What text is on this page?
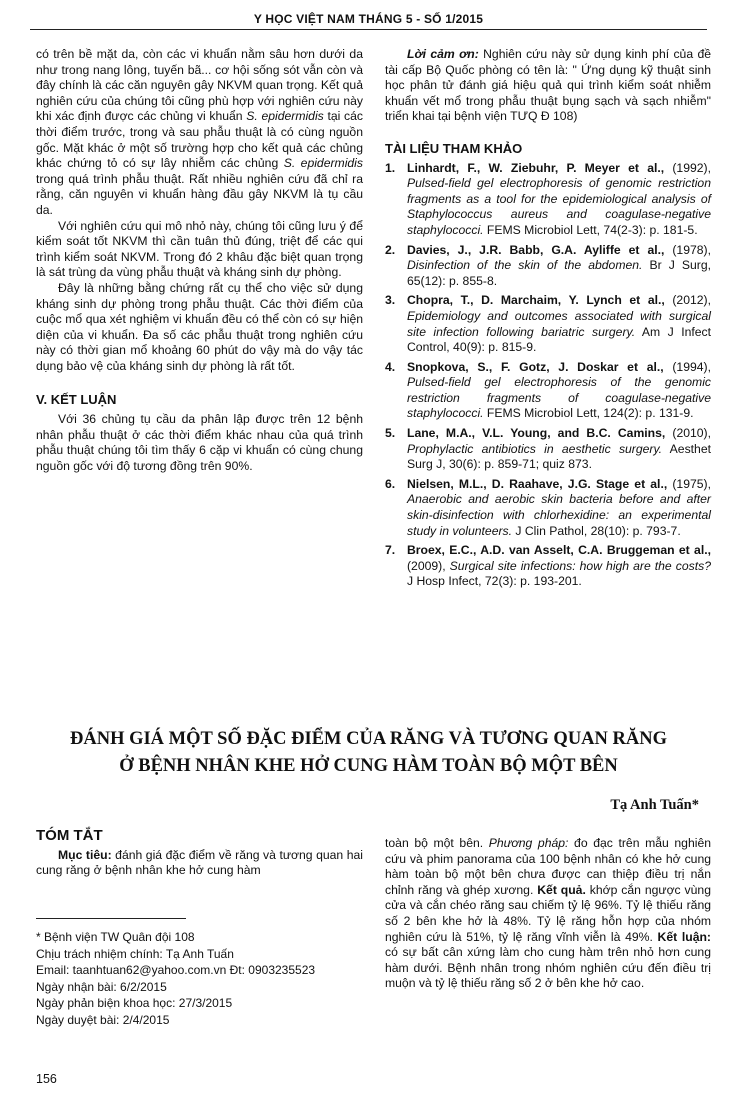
Y HỌC VIỆT NAM THÁNG 5 - SỐ 1/2015

có trên bề mặt da, còn các vi khuẩn nằm sâu hơn dưới da như trong nang lông, tuyến bã... cơ hội sống sót vẫn còn và đây chính là các căn nguyên gây NKVM quan trọng. Kết quả nghiên cứu của chúng tôi cũng phù hợp với nghiên cứu này khi xác định được các chủng vi khuẩn S. epidermidis tại các thời điểm trước, trong và sau phẫu thuật là có cùng nguồn gốc. Mặt khác ở một số trường hợp cho kết quả các chủng khác chứng tỏ có sự lây nhiễm các chủng S. epidermidis trong quá trình phẫu thuật. Rất nhiều nghiên cứu đã chỉ ra rằng, căn nguyên vi khuẩn hàng đầu gây NKVM là tụ cầu da.

Với nghiên cứu qui mô nhỏ này, chúng tôi cũng lưu ý để kiểm soát tốt NKVM thì cần tuân thủ đúng, triệt để các qui trình kiểm soát NKVM. Trong đó 2 khâu đặc biệt quan trọng là sát trùng da vùng phẫu thuật và kháng sinh dự phòng.

Đây là những bằng chứng rất cụ thể cho việc sử dụng kháng sinh dự phòng trong phẫu thuật. Các thời điểm của cuộc mổ qua xét nghiệm vi khuẩn đều có thể còn có sự hiện diện của vi khuẩn. Đa số các phẫu thuật trong nghiên cứu này có thời gian mổ khoảng 60 phút do vậy mà do vậy tác dụng bảo vệ của kháng sinh dự phòng là rất tốt.

V. KẾT LUẬN

Với 36 chủng tụ cầu da phân lập được trên 12 bệnh nhân phẫu thuật ở các thời điểm khác nhau của quá trình phẫu thuật chúng tôi tìm thấy 6 cặp vi khuẩn có cùng chung nguồn gốc với độ tương đồng trên 90%.

Lời cảm ơn: Nghiên cứu này sử dụng kinh phí của đề tài cấp Bộ Quốc phòng có tên là: " Ứng dụng kỹ thuật sinh học phân tử đánh giá hiệu quả qui trình kiểm soát nhiễm khuẩn vết mổ trong phẫu thuật bụng sạch và sạch nhiễm" triển khai tại bệnh viện TƯQ Đ 108)

TÀI LIỆU THAM KHẢO
1. Linhardt, F., W. Ziebuhr, P. Meyer et al., (1992), Pulsed-field gel electrophoresis of genomic restriction fragments as a tool for the epidemiological analysis of Staphylococcus aureus and coagulase-negative staphylococci. FEMS Microbiol Lett, 74(2-3): p. 181-5.
2. Davies, J., J.R. Babb, G.A. Ayliffe et al., (1978), Disinfection of the skin of the abdomen. Br J Surg, 65(12): p. 855-8.
3. Chopra, T., D. Marchaim, Y. Lynch et al., (2012), Epidemiology and outcomes associated with surgical site infection following bariatric surgery. Am J Infect Control, 40(9): p. 815-9.
4. Snopkova, S., F. Gotz, J. Doskar et al., (1994), Pulsed-field gel electrophoresis of the genomic restriction fragments of coagulase-negative staphylococci. FEMS Microbiol Lett, 124(2): p. 131-9.
5. Lane, M.A., V.L. Young, and B.C. Camins, (2010), Prophylactic antibiotics in aesthetic surgery. Aesthet Surg J, 30(6): p. 859-71; quiz 873.
6. Nielsen, M.L., D. Raahave, J.G. Stage et al., (1975), Anaerobic and aerobic skin bacteria before and after skin-disinfection with chlorhexidine: an experimental study in volunteers. J Clin Pathol, 28(10): p. 793-7.
7. Broex, E.C., A.D. van Asselt, C.A. Bruggeman et al., (2009), Surgical site infections: how high are the costs? J Hosp Infect, 72(3): p. 193-201.
ĐÁNH GIÁ MỘT SỐ ĐẶC ĐIỂM CỦA RĂNG VÀ TƯƠNG QUAN RĂNG
Ở BỆNH NHÂN KHE HỞ CUNG HÀM TOÀN BỘ MỘT BÊN
Tạ Anh Tuấn*
TÓM TẮT

Mục tiêu: đánh giá đặc điểm về răng và tương quan hai cung răng ở bệnh nhân khe hở cung hàm

toàn bộ một bên. Phương pháp: đo đạc trên mẫu nghiên cứu và phim panorama của 100 bệnh nhân có khe hở cung hàm toàn bộ một bên chưa được can thiệp điều trị nắn chỉnh răng và ghép xương. Kết quả. khớp cắn ngược vùng cửa và cắn chéo răng sau chiếm tỷ lệ 96%. Tỷ lệ thiếu răng số 2 bên khe hở là 48%. Tỷ lệ răng hỗn hợp của nhóm nghiên cứu là 51%, tỷ lệ răng vĩnh viễn là 49%. Kết luận: có sự bất cân xứng làm cho cung hàm trên nhỏ hơn cung hàm dưới. Bệnh nhân trong nhóm nghiên cứu đến điều trị muộn và tỷ lệ thiếu răng số 2 ở bên khe hở cao.

* Bệnh viện TW Quân đội 108
Chịu trách nhiệm chính: Tạ Anh Tuấn
Email: taanhtuan62@yahoo.com.vn Đt: 0903235523
Ngày nhận bài: 6/2/2015
Ngày phản biện khoa học: 27/3/2015
Ngày duyệt bài: 2/4/2015
156
